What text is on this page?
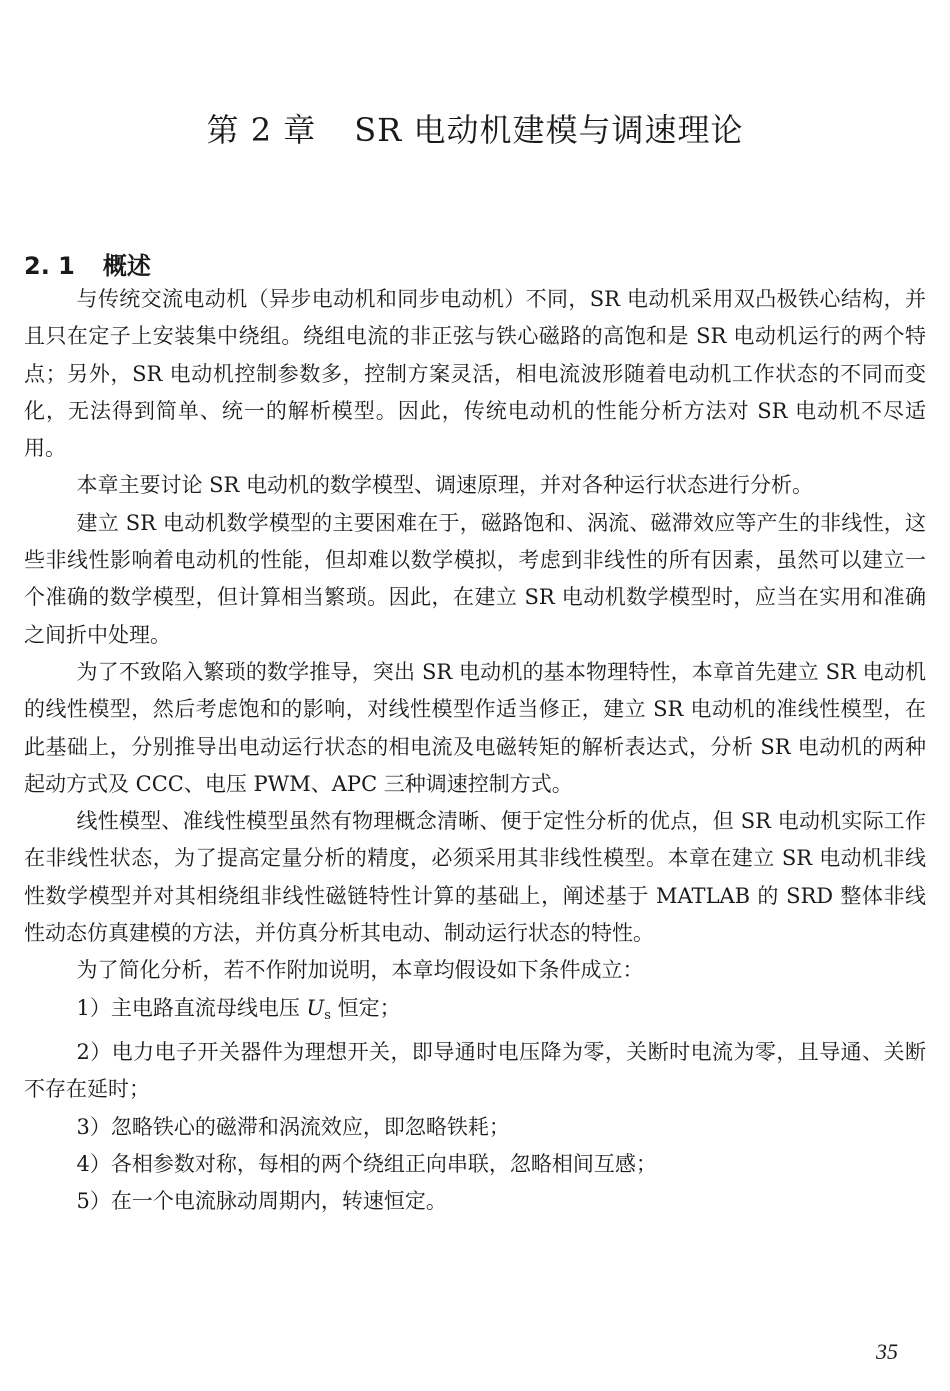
第 2 章 SR 电动机建模与调速理论
2. 1 概述

与传统交流电动机（异步电动机和同步电动机）不同，SR 电动机采用双凸极铁心结构，并且只在定子上安装集中绕组。绕组电流的非正弦与铁心磁路的高饱和是 SR 电动机运行的两个特点；另外，SR 电动机控制参数多，控制方案灵活，相电流波形随着电动机工作状态的不同而变化，无法得到简单、统一的解析模型。因此，传统电动机的性能分析方法对 SR 电动机不尽适用。

本章主要讨论 SR 电动机的数学模型、调速原理，并对各种运行状态进行分析。

建立 SR 电动机数学模型的主要困难在于，磁路饱和、涡流、磁滞效应等产生的非线性，这些非线性影响着电动机的性能，但却难以数学模拟，考虑到非线性的所有因素，虽然可以建立一个准确的数学模型，但计算相当繁琐。因此，在建立 SR 电动机数学模型时，应当在实用和准确之间折中处理。

为了不致陷入繁琐的数学推导，突出 SR 电动机的基本物理特性，本章首先建立 SR 电动机的线性模型，然后考虑饱和的影响，对线性模型作适当修正，建立 SR 电动机的准线性模型，在此基础上，分别推导出电动运行状态的相电流及电磁转矩的解析表达式，分析 SR 电动机的两种起动方式及 CCC、电压 PWM、APC 三种调速控制方式。

线性模型、准线性模型虽然有物理概念清晰、便于定性分析的优点，但 SR 电动机实际工作在非线性状态，为了提高定量分析的精度，必须采用其非线性模型。本章在建立 SR 电动机非线性数学模型并对其相绕组非线性磁链特性计算的基础上，阐述基于 MATLAB 的 SRD 整体非线性动态仿真建模的方法，并仿真分析其电动、制动运行状态的特性。

为了简化分析，若不作附加说明，本章均假设如下条件成立：

1）主电路直流母线电压 $U_s$ 恒定；

2）电力电子开关器件为理想开关，即导通时电压降为零，关断时电流为零，且导通、关断不存在延时；

3）忽略铁心的磁滞和涡流效应，即忽略铁耗；

4）各相参数对称，每相的两个绕组正向串联，忽略相间互感；

5）在一个电流脉动周期内，转速恒定。

35
